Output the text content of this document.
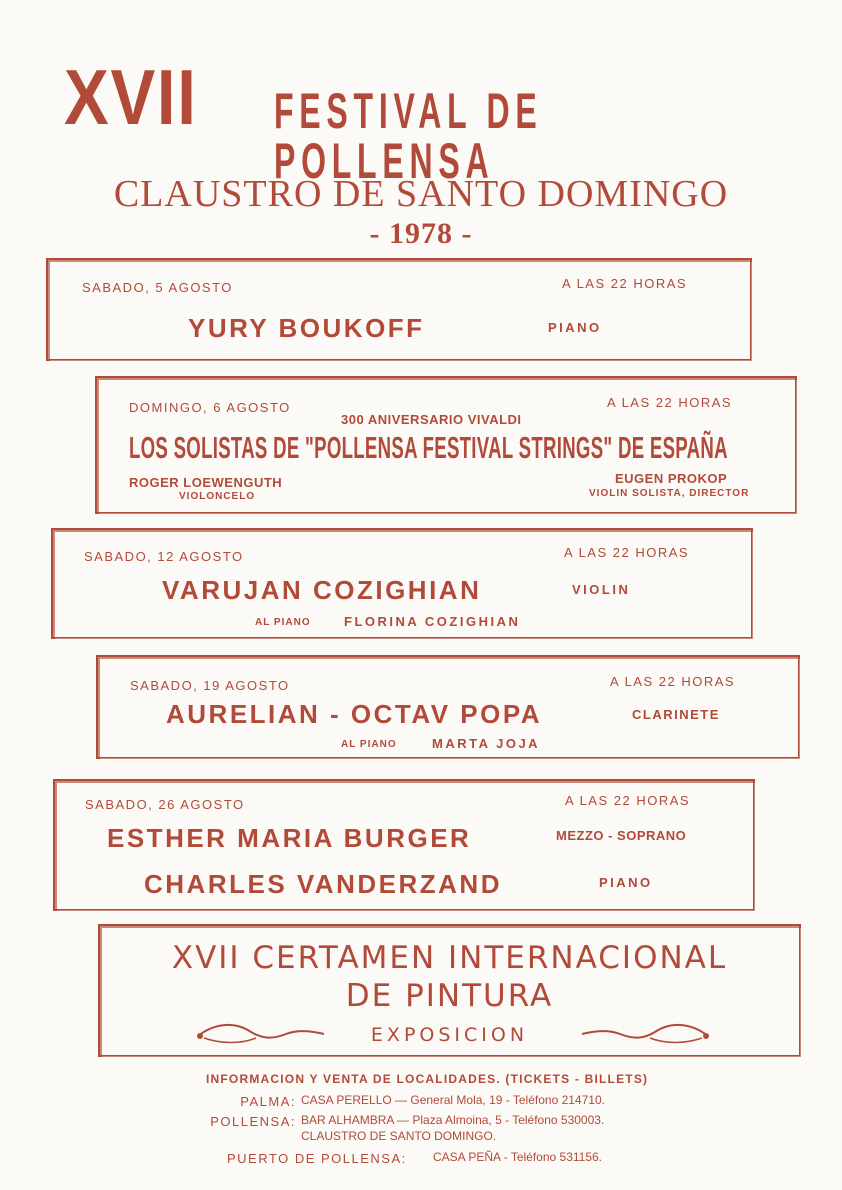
XVII FESTIVAL DE POLLENSA
CLAUSTRO DE SANTO DOMINGO
- 1978 -
SABADO, 5 AGOSTO	A LAS 22 HORAS
YURY BOUKOFF	PIANO
DOMINGO, 6 AGOSTO
300 ANIVERSARIO VIVALDI
A LAS 22 HORAS
LOS SOLISTAS DE "POLLENSA FESTIVAL STRINGS" DE ESPAÑA
ROGER LOEWENGUTH
VIOLONCELO
EUGEN PROKOP
VIOLIN SOLISTA, DIRECTOR
SABADO, 12 AGOSTO	A LAS 22 HORAS
VARUJAN COZIGHIAN	VIOLIN
AL PIANO	FLORINA COZIGHIAN
SABADO, 19 AGOSTO	A LAS 22 HORAS
AURELIAN - OCTAV POPA	CLARINETE
AL PIANO	MARTA JOJA
SABADO, 26 AGOSTO	A LAS 22 HORAS
ESTHER MARIA BURGER	MEZZO - SOPRANO
CHARLES VANDERZAND	PIANO
XVII CERTAMEN INTERNACIONAL
DE PINTURA
EXPOSICION
INFORMACION Y VENTA DE LOCALIDADES. (TICKETS - BILLETS)
PALMA: CASA PERELLO — General Mola, 19 - Teléfono 214710.
POLLENSA: BAR ALHAMBRA — Plaza Almoina, 5 - Teléfono 530003.
CLAUSTRO DE SANTO DOMINGO.
PUERTO DE POLLENSA: CASA PEÑA - Teléfono 531156.
